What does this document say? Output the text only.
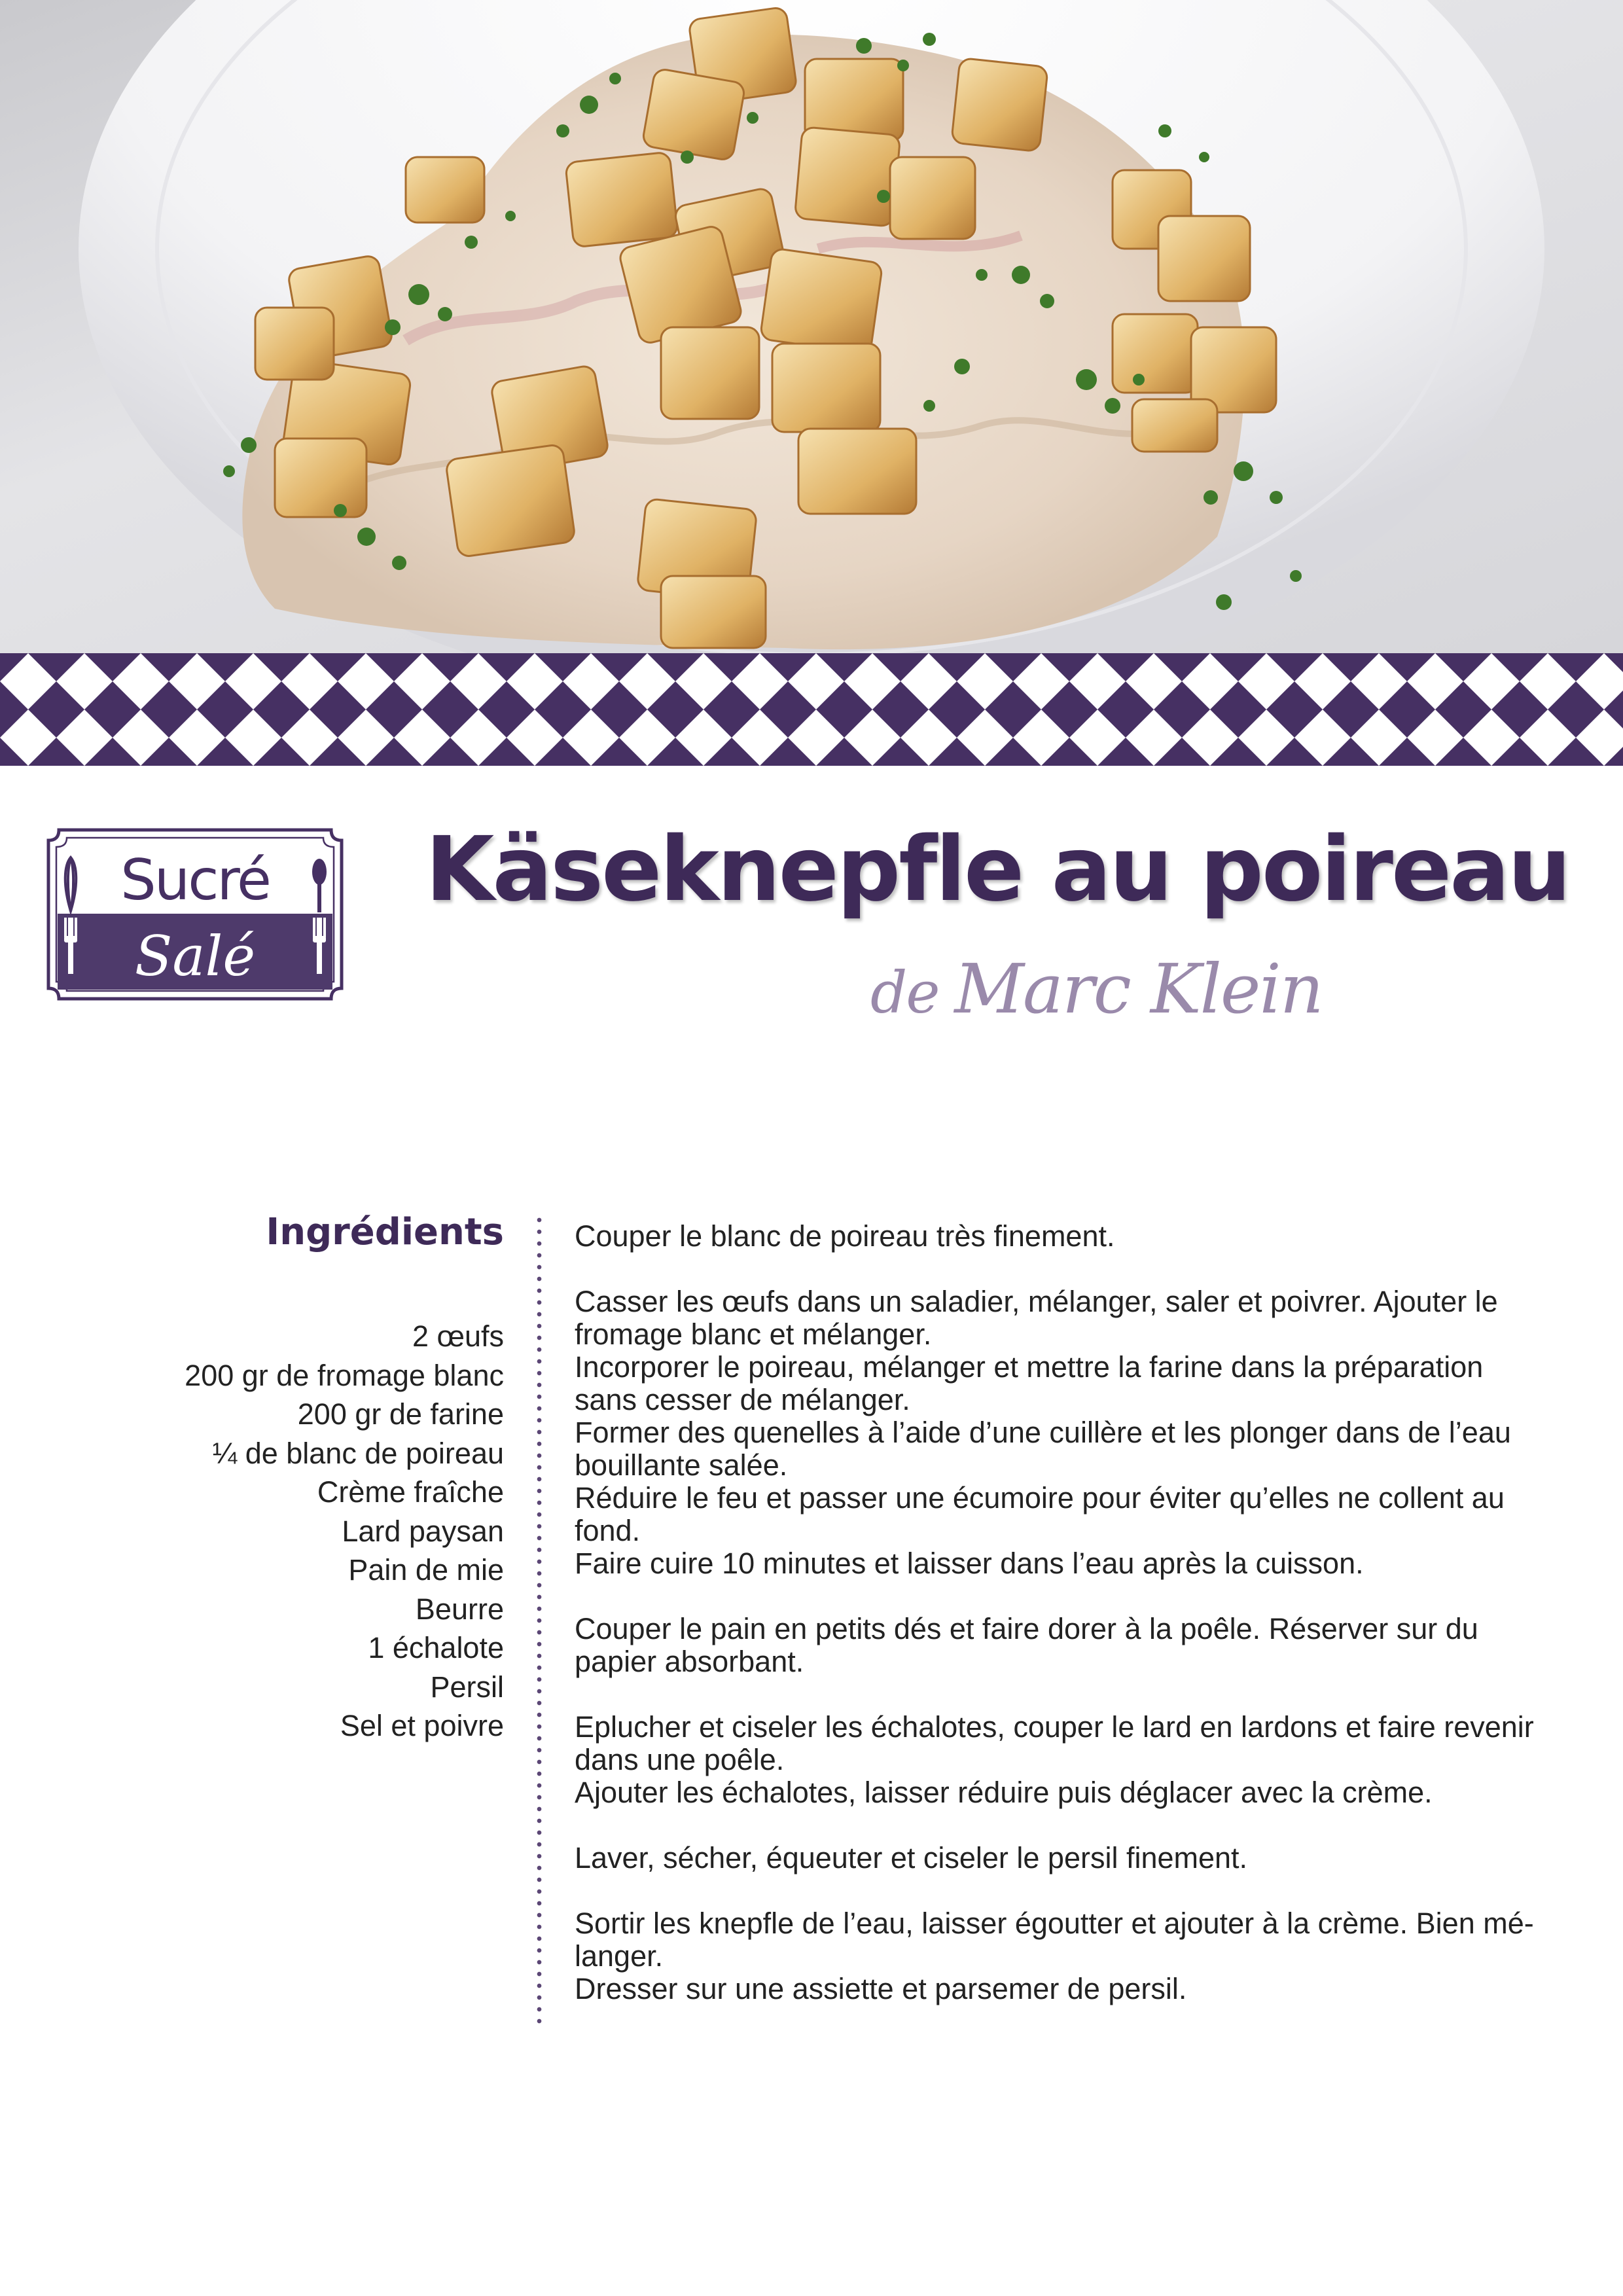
Sucré
Salé
Käseknepfle au poireau
de Marc Klein
Ingrédients
2 œufs
200 gr de fromage blanc
200 gr de farine
¼ de blanc de poireau
Crème fraîche
Lard paysan
Pain de mie
Beurre
1 échalote
Persil
Sel et poivre

Couper le blanc de poireau très finement.

Casser les œufs dans un saladier, mélanger, saler et poivrer. Ajouter le

fromage blanc et mélanger.

Incorporer le poireau, mélanger et mettre la farine dans la préparation

sans cesser de mélanger.

Former des quenelles à l’aide d’une cuillère et les plonger dans de l’eau

bouillante salée.

Réduire le feu et passer une écumoire pour éviter qu’elles ne collent au

fond.

Faire cuire 10 minutes et laisser dans l’eau après la cuisson.

Couper le pain en petits dés et faire dorer à la poêle. Réserver sur du

papier absorbant.

Eplucher et ciseler les échalotes, couper le lard en lardons et faire revenir

dans une poêle.

Ajouter les échalotes, laisser réduire puis déglacer avec la crème.

Laver, sécher, équeuter et ciseler le persil finement.

Sortir les knepfle de l’eau, laisser égoutter et ajouter à la crème. Bien mé-

langer.

Dresser sur une assiette et parsemer de persil.
